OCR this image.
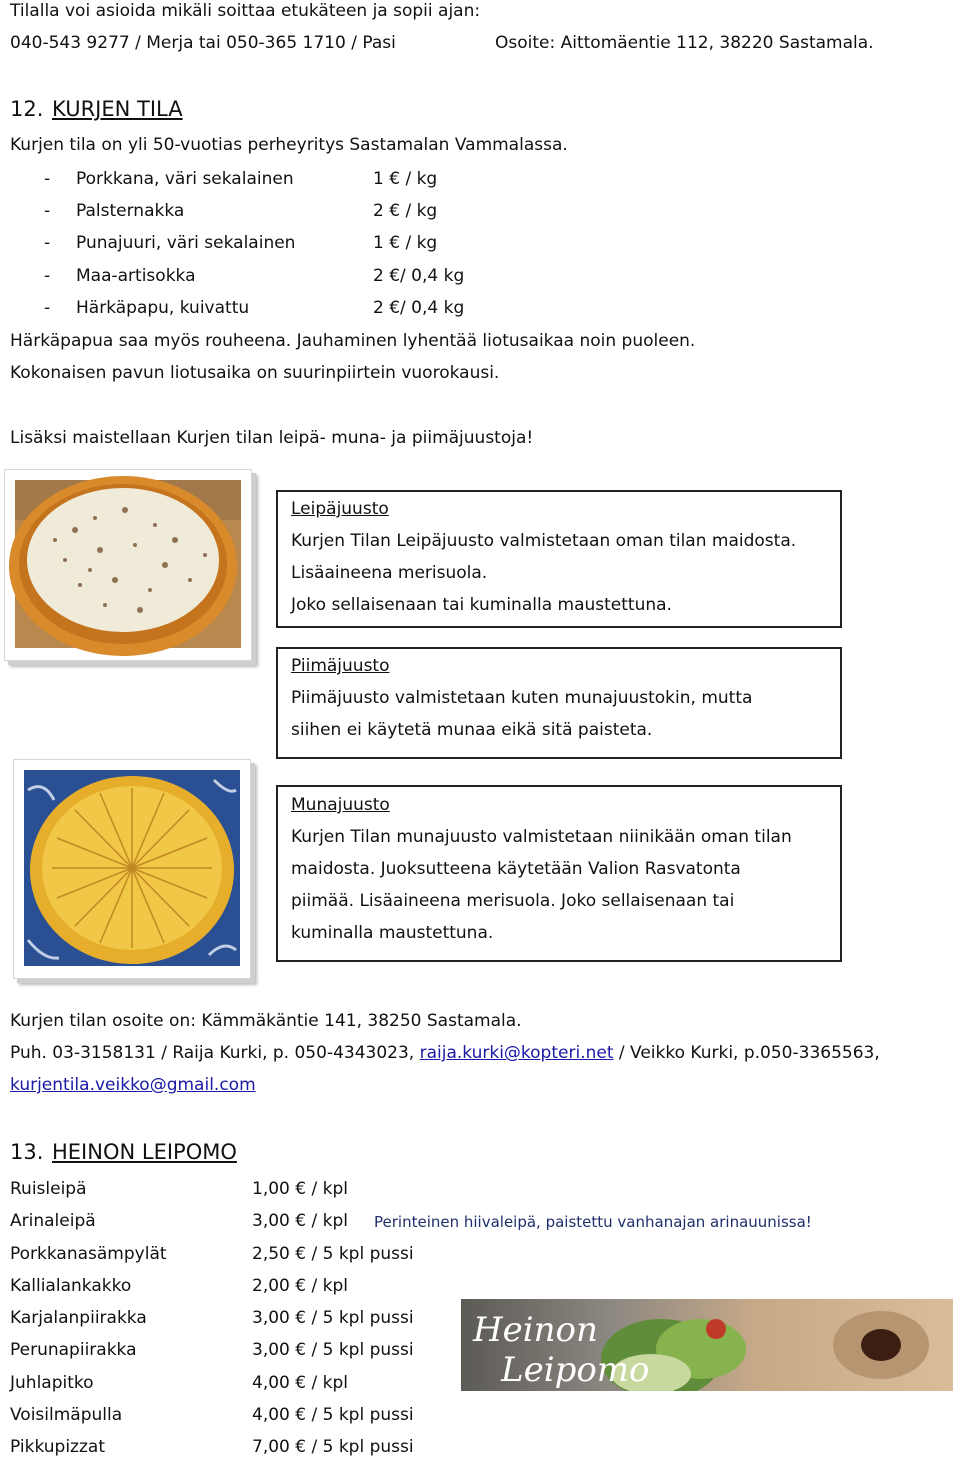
Tilalla voi asioida mikäli soittaa etukäteen ja sopii ajan:
040-543 9277 / Merja tai 050-365 1710 / Pasi	Osoite: Aittomäentie 112, 38220 Sastamala.
12. KURJEN TILA
Kurjen tila on yli 50-vuotias perheyritys Sastamalan Vammalassa.
- Porkkana, väri sekalainen	1 € / kg
- Palsternakka	2 € / kg
- Punajuuri, väri sekalainen	1 € / kg
- Maa-artisokka	2 €/ 0,4 kg
- Härkäpapu, kuivattu	2 €/ 0,4 kg
Härkäpapua saa myös rouheena. Jauhaminen lyhentää liotusaikaa noin puoleen.
Kokonaisen pavun liotusaika on suurinpiirtein vuorokausi.
Lisäksi maistellaan Kurjen tilan leipä- muna- ja piimäjuustoja!
Leipäjuusto
Kurjen Tilan Leipäjuusto valmistetaan oman tilan maidosta.
Lisäaineena merisuola.
Joko sellaisenaan tai kuminalla maustettuna.
Piimäjuusto
Piimäjuusto valmistetaan kuten munajuustokin, mutta
siihen ei käytetä munaa eikä sitä paisteta.
Munajuusto
Kurjen Tilan munajuusto valmistetaan niinikään oman tilan
maidosta. Juoksutteena käytetään Valion Rasvatonta
piimää. Lisäaineena merisuola. Joko sellaisenaan tai
kuminalla maustettuna.
Kurjen tilan osoite on: Kämmäkäntie 141, 38250 Sastamala.
Puh. 03-3158131 / Raija Kurki, p. 050-4343023, raija.kurki@kopteri.net / Veikko Kurki, p.050-3365563,
kurjentila.veikko@gmail.com
13. HEINON LEIPOMO
Ruisleipä	1,00 € / kpl
Arinaleipä	3,00 € / kpl
Porkkanasämpylät	2,50 € / 5 kpl pussi
Kallialankakko	2,00 € / kpl
Karjalanpiirakka	3,00 € / 5 kpl pussi
Perunapiirakka	3,00 € / 5 kpl pussi
Juhlapitko	4,00 € / kpl
Voisilmäpulla	4,00 € / 5 kpl pussi
Pikkupizzat	7,00 € / 5 kpl pussi
Perinteinen hiivaleipä, paistettu vanhanajan arinauunissa!
Heinon
Leipomo
